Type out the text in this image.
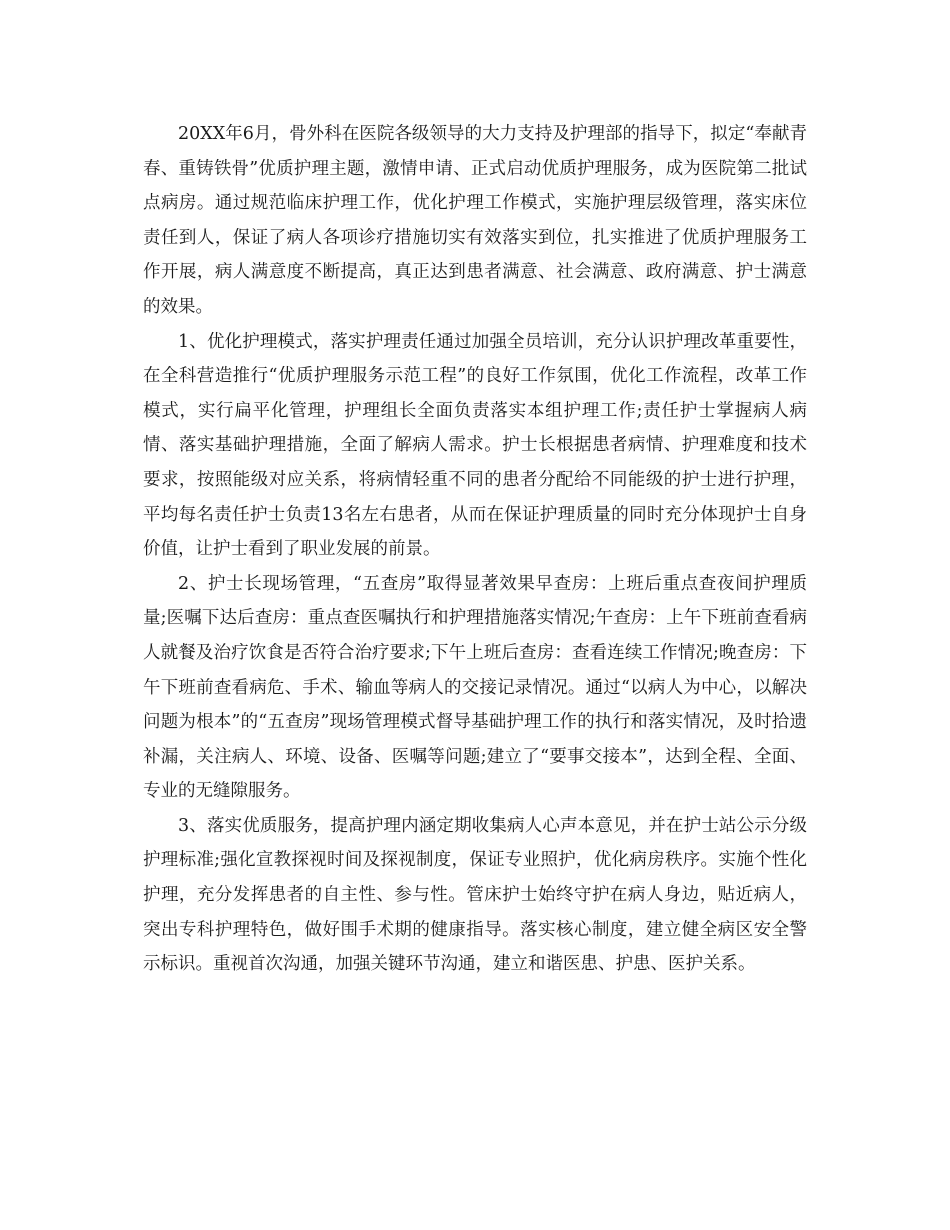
20XX年6月，骨外科在医院各级领导的大力支持及护理部的指导下，拟定“奉献青春、重铸铁骨”优质护理主题，激情申请、正式启动优质护理服务，成为医院第二批试点病房。通过规范临床护理工作，优化护理工作模式，实施护理层级管理，落实床位责任到人，保证了病人各项诊疗措施切实有效落实到位，扎实推进了优质护理服务工作开展，病人满意度不断提高，真正达到患者满意、社会满意、政府满意、护士满意的效果。

1、优化护理模式，落实护理责任通过加强全员培训，充分认识护理改革重要性，在全科营造推行“优质护理服务示范工程”的良好工作氛围，优化工作流程，改革工作模式，实行扁平化管理，护理组长全面负责落实本组护理工作;责任护士掌握病人病情、落实基础护理措施，全面了解病人需求。护士长根据患者病情、护理难度和技术要求，按照能级对应关系，将病情轻重不同的患者分配给不同能级的护士进行护理，平均每名责任护士负责13名左右患者，从而在保证护理质量的同时充分体现护士自身价值，让护士看到了职业发展的前景。

2、护士长现场管理，“五查房”取得显著效果早查房：上班后重点查夜间护理质量;医嘱下达后查房：重点查医嘱执行和护理措施落实情况;午查房：上午下班前查看病人就餐及治疗饮食是否符合治疗要求;下午上班后查房：查看连续工作情况;晚查房：下午下班前查看病危、手术、输血等病人的交接记录情况。通过“以病人为中心，以解决问题为根本”的“五查房”现场管理模式督导基础护理工作的执行和落实情况，及时拾遗补漏，关注病人、环境、设备、医嘱等问题;建立了“要事交接本”，达到全程、全面、专业的无缝隙服务。

3、落实优质服务，提高护理内涵定期收集病人心声本意见，并在护士站公示分级护理标准;强化宣教探视时间及探视制度，保证专业照护，优化病房秩序。实施个性化护理，充分发挥患者的自主性、参与性。管床护士始终守护在病人身边，贴近病人，突出专科护理特色，做好围手术期的健康指导。落实核心制度，建立健全病区安全警示标识。重视首次沟通，加强关键环节沟通，建立和谐医患、护患、医护关系。
